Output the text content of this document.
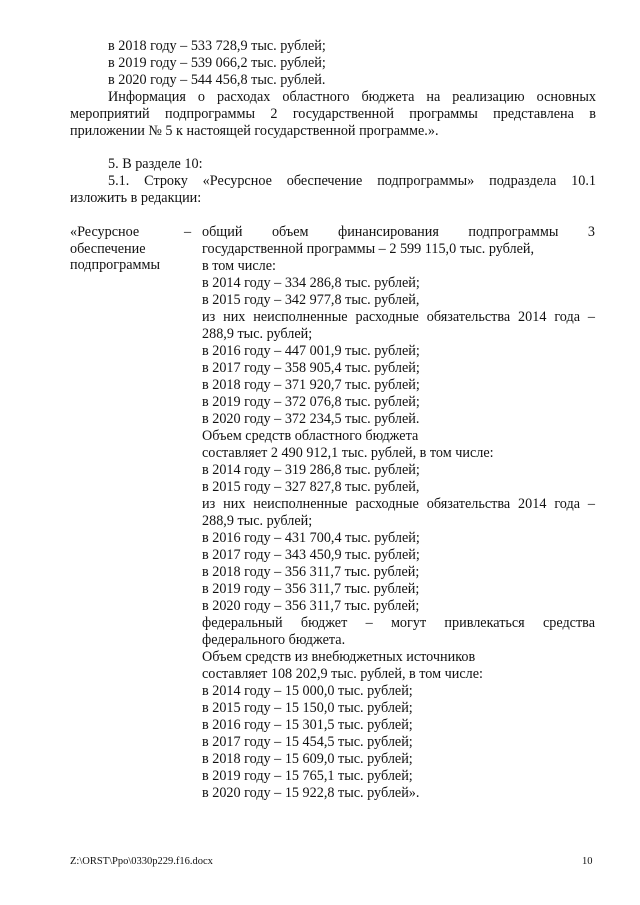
в 2018 году – 533 728,9 тыс. рублей;
в 2019 году – 539 066,2 тыс. рублей;
в 2020 году – 544 456,8 тыс. рублей.
Информация о расходах областного бюджета на реализацию основных
мероприятий подпрограммы 2 государственной программы представлена в
приложении № 5 к настоящей государственной программе.».
5. В разделе 10:
5.1. Строку «Ресурсное обеспечение подпрограммы» подраздела 10.1
изложить в редакции:
«Ресурсное
обеспечение
подпрограммы
– общий объем финансирования подпрограммы 3
государственной программы – 2 599 115,0 тыс. рублей,
в том числе:
в 2014 году – 334 286,8 тыс. рублей;
в 2015 году – 342 977,8 тыс. рублей,
из них неисполненные расходные обязательства 2014 года –
288,9 тыс. рублей;
в 2016 году – 447 001,9 тыс. рублей;
в 2017 году – 358 905,4 тыс. рублей;
в 2018 году – 371 920,7 тыс. рублей;
в 2019 году – 372 076,8 тыс. рублей;
в 2020 году – 372 234,5 тыс. рублей.
Объем средств областного бюджета
составляет 2 490 912,1 тыс. рублей, в том числе:
в 2014 году – 319 286,8 тыс. рублей;
в 2015 году – 327 827,8 тыс. рублей,
из них неисполненные расходные обязательства 2014 года –
288,9 тыс. рублей;
в 2016 году – 431 700,4 тыс. рублей;
в 2017 году – 343 450,9 тыс. рублей;
в 2018 году – 356 311,7 тыс. рублей;
в 2019 году – 356 311,7 тыс. рублей;
в 2020 году – 356 311,7 тыс. рублей;
федеральный бюджет – могут привлекаться средства
федерального бюджета.
Объем средств из внебюджетных источников
составляет 108 202,9 тыс. рублей, в том числе:
в 2014 году – 15 000,0 тыс. рублей;
в 2015 году – 15 150,0 тыс. рублей;
в 2016 году – 15 301,5 тыс. рублей;
в 2017 году – 15 454,5 тыс. рублей;
в 2018 году – 15 609,0 тыс. рублей;
в 2019 году – 15 765,1 тыс. рублей;
в 2020 году – 15 922,8 тыс. рублей».
Z:\ORST\Ppo\0330p229.f16.docx	10
